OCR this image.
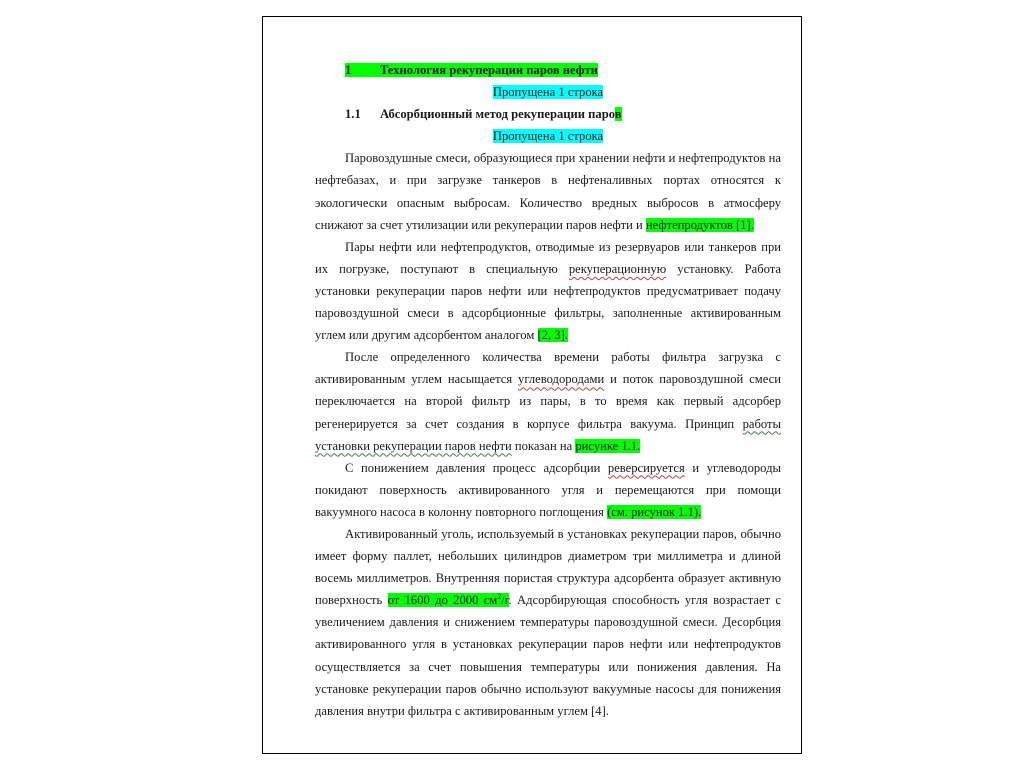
1 Технология рекуперации паров нефти

Пропущена 1 строка

1.1 Абсорбционный метод рекуперации паров

Пропущена 1 строка

Паровоздушные смеси, образующиеся при хранении нефти и нефтепродуктов на нефтебазах, и при загрузке танкеров в нефтеналивных портах относятся к экологически опасным выбросам. Количество вредных выбросов в атмосферу снижают за счет утилизации или рекуперации паров нефти и нефтепродуктов [1].

Пары нефти или нефтепродуктов, отводимые из резервуаров или танкеров при их погрузке, поступают в специальную рекуперационную установку. Работа установки рекуперации паров нефти или нефтепродуктов предусматривает подачу паровоздушной смеси в адсорбционные фильтры, заполненные активированным углем или другим адсорбентом аналогом [2, 3].

После определенного количества времени работы фильтра загрузка с активированным углем насыщается углеводородами и поток паровоздушной смеси переключается на второй фильтр из пары, в то время как первый адсорбер регенерируется за счет создания в корпусе фильтра вакуума. Принцип работы установки рекуперации паров нефти показан на рисунке 1.1.

С понижением давления процесс адсорбции реверсируется и углеводороды покидают поверхность активированного угля и перемещаются при помощи вакуумного насоса в колонну повторного поглощения (см. рисунок 1.1).

Активированный уголь, используемый в установках рекуперации паров, обычно имеет форму паллет, небольших цилиндров диаметром три миллиметра и длиной восемь миллиметров. Внутренняя пористая структура адсорбента образует активную поверхность от 1600 до 2000 $см^2/г$. Адсорбирующая способность угля возрастает с увеличением давления и снижением температуры паровоздушной смеси. Десорбция активированного угля в установках рекуперации паров нефти или нефтепродуктов осуществляется за счет повышения температуры или понижения давления. На установке рекуперации паров обычно используют вакуумные насосы для понижения давления внутри фильтра с активированным углем [4].
